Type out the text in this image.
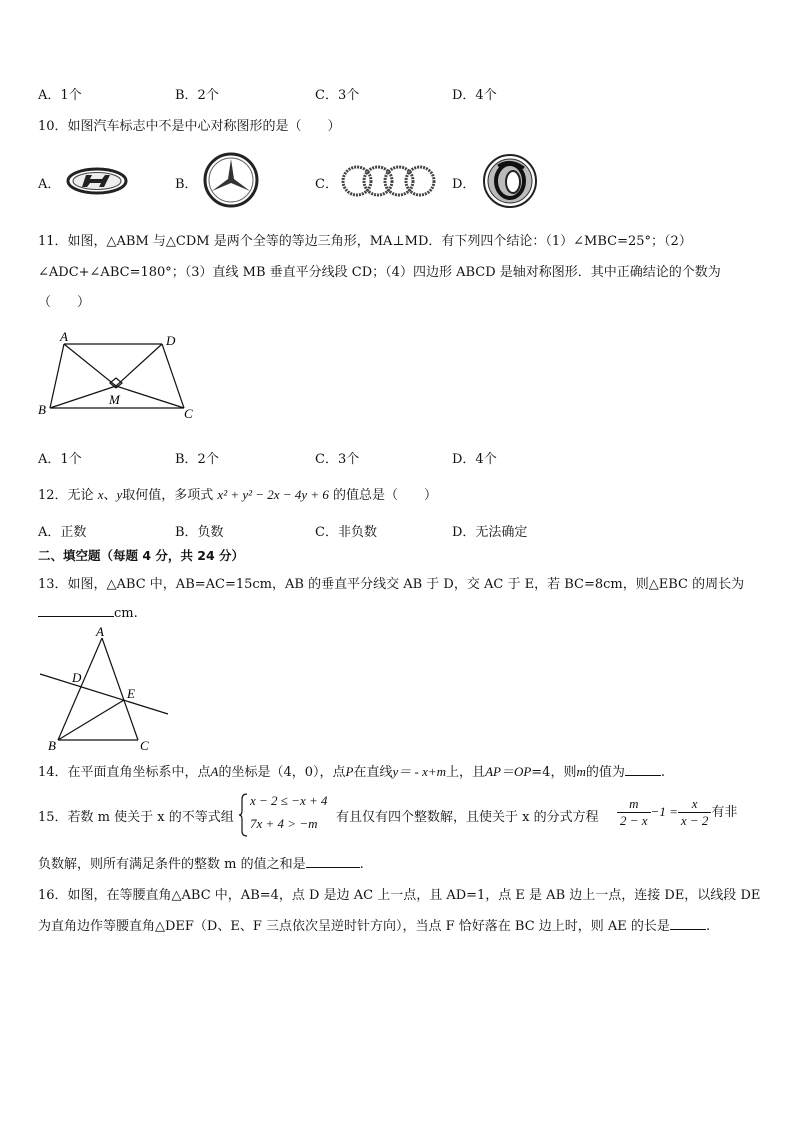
A．1个	B．2个	C．3个	D．4个
10．如图汽车标志中不是中心对称图形的是（　　）
A．	B．	C．	D．
11．如图，△ABM 与△CDM 是两个全等的等边三角形，MA⊥MD．有下列四个结论：（1）∠MBC=25°；（2）
∠ADC+∠ABC=180°；（3）直线 MB 垂直平分线段 CD；（4）四边形 ABCD 是轴对称图形．其中正确结论的个数为
（　　）
A	D
B
M
C
A．1个	B．2个	C．3个	D．4个
12．无论 x、y取何值，多项式 x² + y² − 2x − 4y + 6 的值总是（　　）
A．正数	B．负数	C．非负数	D．无法确定
二、填空题（每题 4 分，共 24 分）
13．如图，△ABC 中，AB=AC=15cm，AB 的垂直平分线交 AB 于 D，交 AC 于 E，若 BC=8cm，则△EBC 的周长为
cm.
A
D
E
B	C
14．在平面直角坐标系中，点A的坐标是（4，0），点P在直线y＝ - x+m上，且AP＝OP=4，则m的值为	.
15．若数 m 使关于 x 的不等式组
x − 2 ≤ −x + 4
7x + 4 > −m 有且仅有四个整数解，且使关于 x 的分式方程 $\frac{m}{2 - x} -1 = \frac{x}{x - 2}$ 有非
负数解，则所有满足条件的整数 m 的值之和是	.
16．如图，在等腰直角△ABC 中，AB=4，点 D 是边 AC 上一点，且 AD=1，点 E 是 AB 边上一点，连接 DE，以线段 DE
为直角边作等腰直角△DEF（D、E、F 三点依次呈逆时针方向），当点 F 恰好落在 BC 边上时，则 AE 的长是	.
